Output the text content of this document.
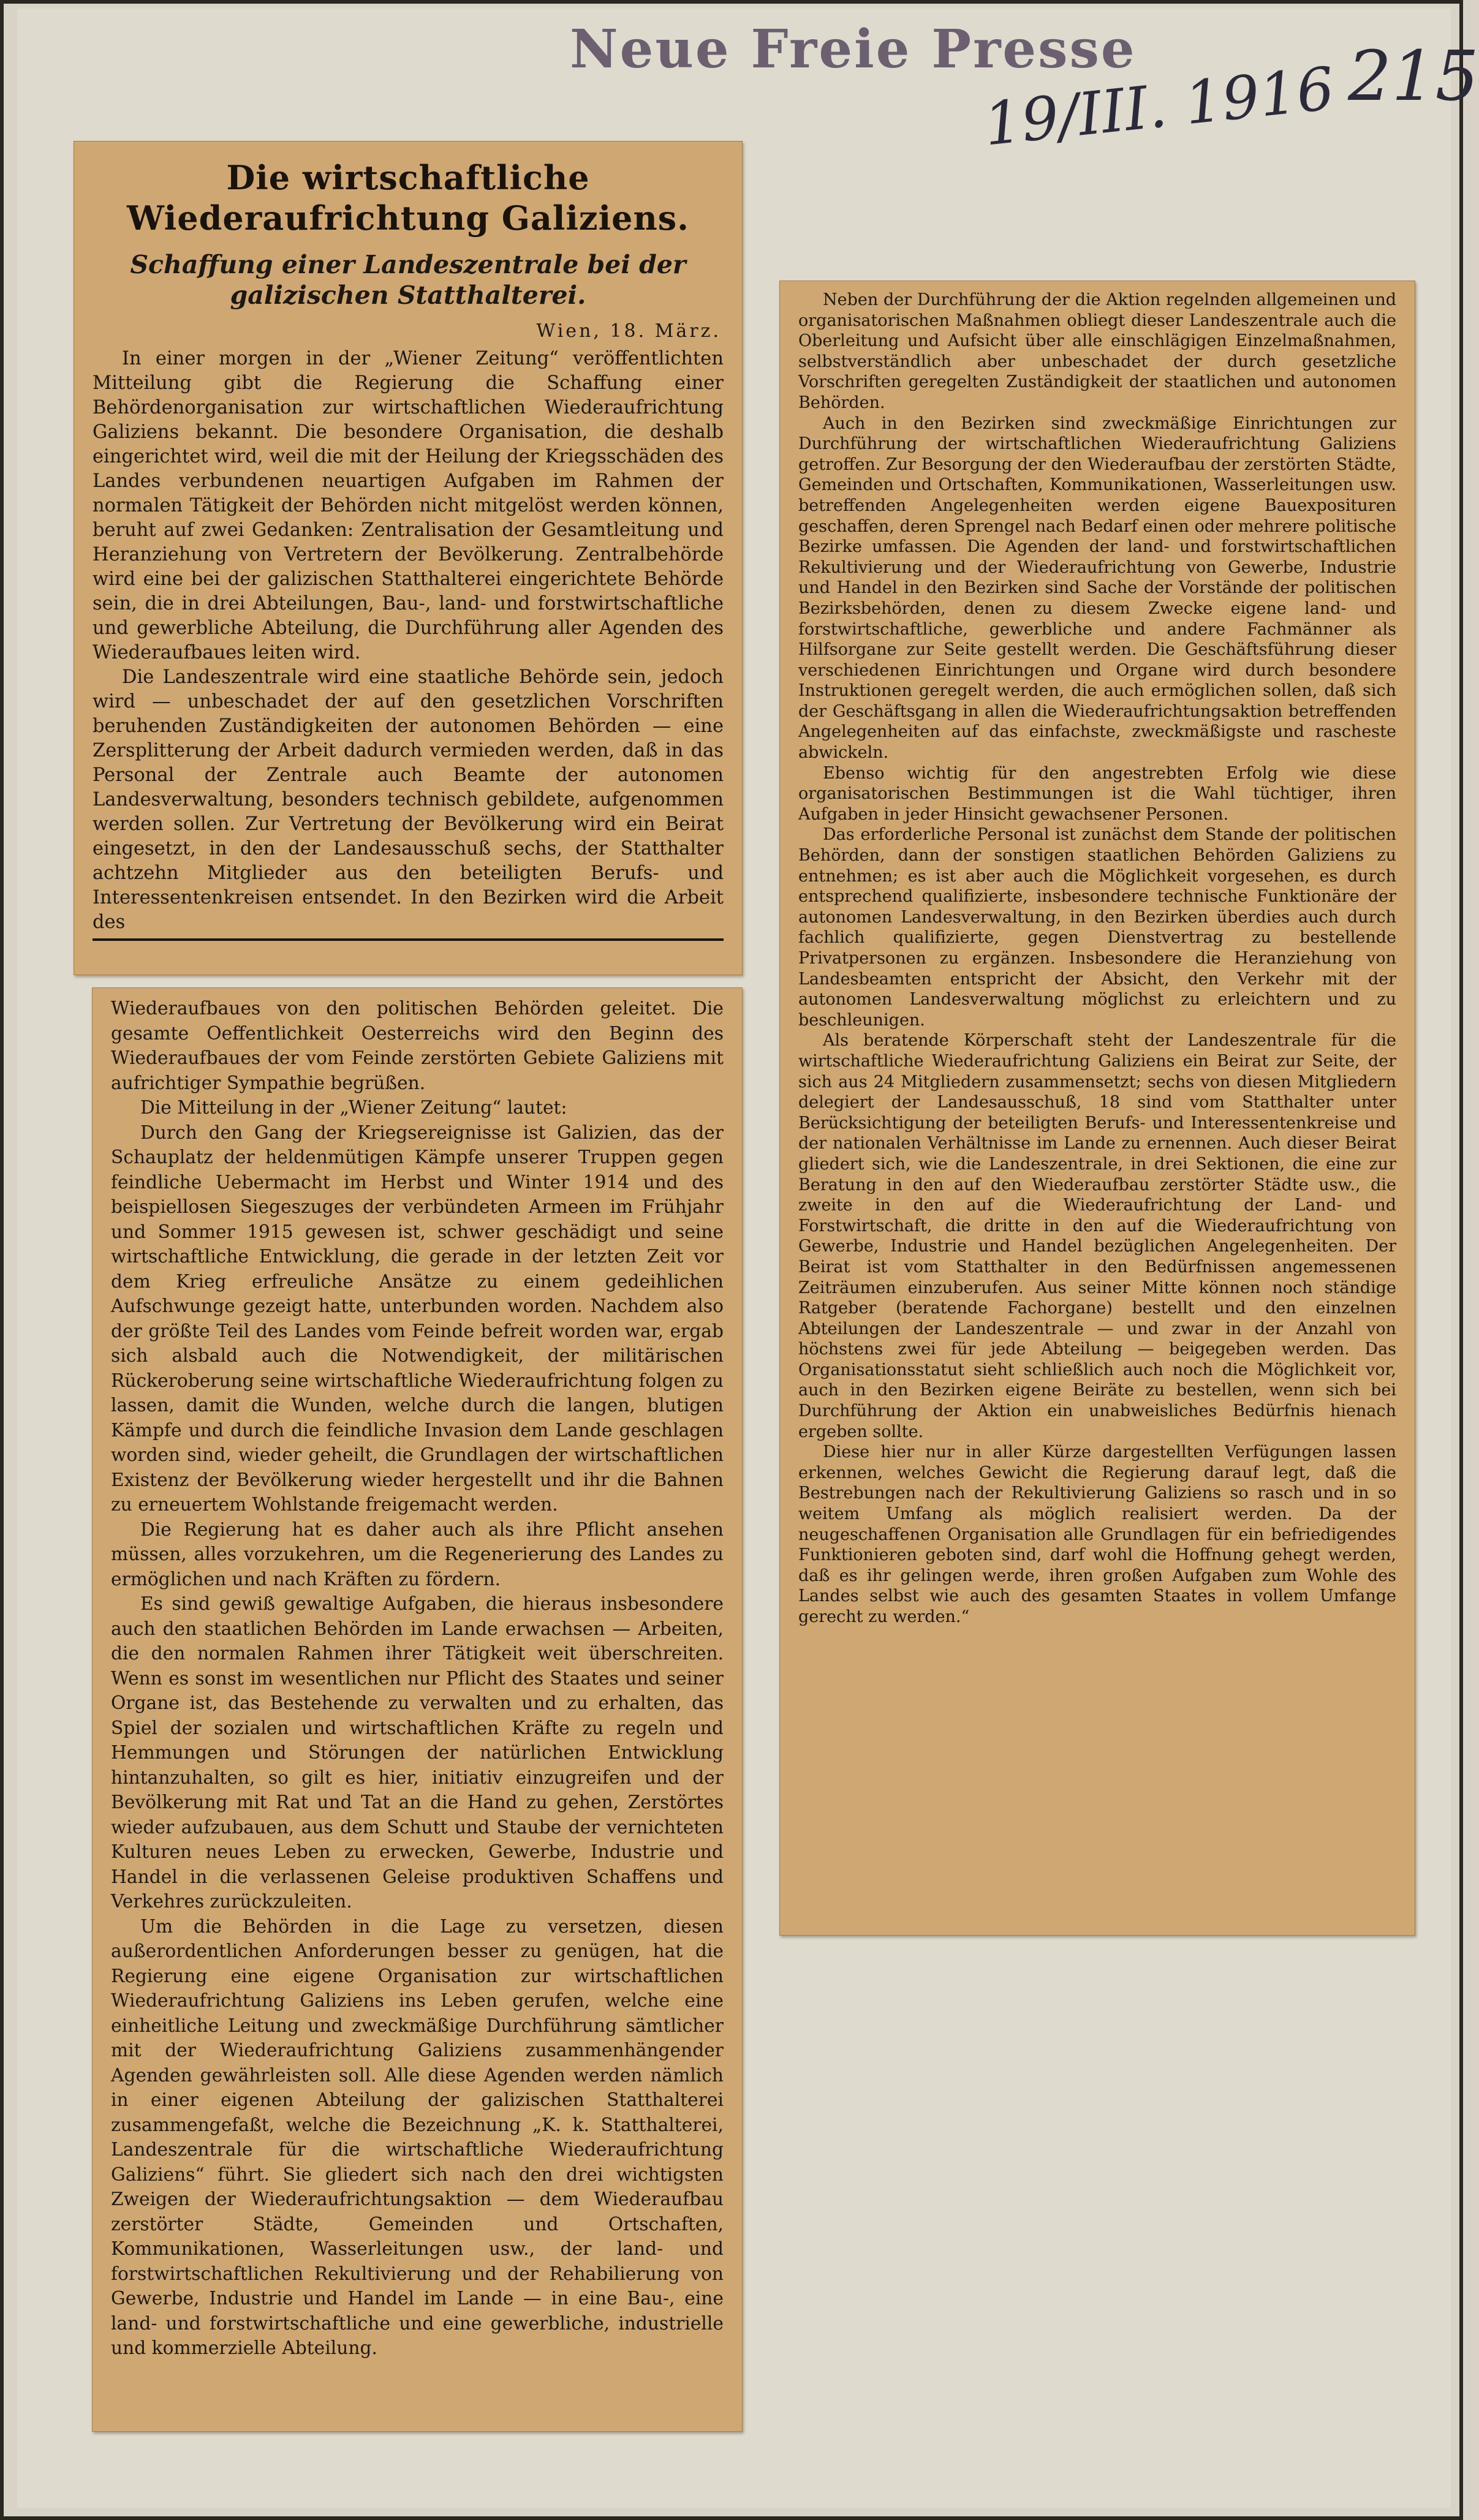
Neue Freie Presse
19/III. 1916 215
Die wirtschaftliche Wiederaufrichtung Galiziens.
Schaffung einer Landeszentrale bei der galizischen Statthalterei.
Wien, 18. März.

In einer morgen in der „Wiener Zeitung“ veröffentlichten Mitteilung gibt die Regierung die Schaffung einer Behördenorganisation zur wirtschaftlichen Wiederaufrichtung Galiziens bekannt. Die besondere Organisation, die deshalb eingerichtet wird, weil die mit der Heilung der Kriegsschäden des Landes verbundenen neuartigen Aufgaben im Rahmen der normalen Tätigkeit der Behörden nicht mitgelöst werden können, beruht auf zwei Gedanken: Zentralisation der Gesamtleitung und Heranziehung von Vertretern der Bevölkerung. Zentralbehörde wird eine bei der galizischen Statthalterei eingerichtete Behörde sein, die in drei Abteilungen, Bau-, land- und forstwirtschaftliche und gewerbliche Abteilung, die Durchführung aller Agenden des Wiederaufbaues leiten wird.

Die Landeszentrale wird eine staatliche Behörde sein, jedoch wird — unbeschadet der auf den gesetzlichen Vorschriften beruhenden Zuständigkeiten der autonomen Behörden — eine Zersplitterung der Arbeit dadurch vermieden werden, daß in das Personal der Zentrale auch Beamte der autonomen Landesverwaltung, besonders technisch gebildete, aufgenommen werden sollen. Zur Vertretung der Bevölkerung wird ein Beirat eingesetzt, in den der Landesausschuß sechs, der Statthalter achtzehn Mitglieder aus den beteiligten Berufs- und Interessentenkreisen entsendet. In den Bezirken wird die Arbeit des

Wiederaufbaues von den politischen Behörden geleitet. Die gesamte Oeffentlichkeit Oesterreichs wird den Beginn des Wiederaufbaues der vom Feinde zerstörten Gebiete Galiziens mit aufrichtiger Sympathie begrüßen.

Die Mitteilung in der „Wiener Zeitung“ lautet:

Durch den Gang der Kriegsereignisse ist Galizien, das der Schauplatz der heldenmütigen Kämpfe unserer Truppen gegen feindliche Uebermacht im Herbst und Winter 1914 und des beispiellosen Siegeszuges der verbündeten Armeen im Frühjahr und Sommer 1915 gewesen ist, schwer geschädigt und seine wirtschaftliche Entwicklung, die gerade in der letzten Zeit vor dem Krieg erfreuliche Ansätze zu einem gedeihlichen Aufschwunge gezeigt hatte, unterbunden worden. Nachdem also der größte Teil des Landes vom Feinde befreit worden war, ergab sich alsbald auch die Notwendigkeit, der militärischen Rückeroberung seine wirtschaftliche Wiederaufrichtung folgen zu lassen, damit die Wunden, welche durch die langen, blutigen Kämpfe und durch die feindliche Invasion dem Lande geschlagen worden sind, wieder geheilt, die Grundlagen der wirtschaftlichen Existenz der Bevölkerung wieder hergestellt und ihr die Bahnen zu erneuertem Wohlstande freigemacht werden.

Die Regierung hat es daher auch als ihre Pflicht ansehen müssen, alles vorzukehren, um die Regenerierung des Landes zu ermöglichen und nach Kräften zu fördern.

Es sind gewiß gewaltige Aufgaben, die hieraus insbesondere auch den staatlichen Behörden im Lande erwachsen — Arbeiten, die den normalen Rahmen ihrer Tätigkeit weit überschreiten. Wenn es sonst im wesentlichen nur Pflicht des Staates und seiner Organe ist, das Bestehende zu verwalten und zu erhalten, das Spiel der sozialen und wirtschaftlichen Kräfte zu regeln und Hemmungen und Störungen der natürlichen Entwicklung hintanzuhalten, so gilt es hier, initiativ einzugreifen und der Bevölkerung mit Rat und Tat an die Hand zu gehen, Zerstörtes wieder aufzubauen, aus dem Schutt und Staube der vernichteten Kulturen neues Leben zu erwecken, Gewerbe, Industrie und Handel in die verlassenen Geleise produktiven Schaffens und Verkehres zurückzuleiten.

Um die Behörden in die Lage zu versetzen, diesen außerordentlichen Anforderungen besser zu genügen, hat die Regierung eine eigene Organisation zur wirtschaftlichen Wiederaufrichtung Galiziens ins Leben gerufen, welche eine einheitliche Leitung und zweckmäßige Durchführung sämtlicher mit der Wiederaufrichtung Galiziens zusammenhängender Agenden gewährleisten soll. Alle diese Agenden werden nämlich in einer eigenen Abteilung der galizischen Statthalterei zusammengefaßt, welche die Bezeichnung „K. k. Statthalterei, Landeszentrale für die wirtschaftliche Wiederaufrichtung Galiziens“ führt. Sie gliedert sich nach den drei wichtigsten Zweigen der Wiederaufrichtungsaktion — dem Wiederaufbau zerstörter Städte, Gemeinden und Ortschaften, Kommunikationen, Wasserleitungen usw., der land- und forstwirtschaftlichen Rekultivierung und der Rehabilierung von Gewerbe, Industrie und Handel im Lande — in eine Bau-, eine land- und forstwirtschaftliche und eine gewerbliche, industrielle und kommerzielle Abteilung.

Neben der Durchführung der die Aktion regelnden allgemeinen und organisatorischen Maßnahmen obliegt dieser Landeszentrale auch die Oberleitung und Aufsicht über alle einschlägigen Einzelmaßnahmen, selbstverständlich aber unbeschadet der durch gesetzliche Vorschriften geregelten Zuständigkeit der staatlichen und autonomen Behörden.

Auch in den Bezirken sind zweckmäßige Einrichtungen zur Durchführung der wirtschaftlichen Wiederaufrichtung Galiziens getroffen. Zur Besorgung der den Wiederaufbau der zerstörten Städte, Gemeinden und Ortschaften, Kommunikationen, Wasserleitungen usw. betreffenden Angelegenheiten werden eigene Bauexposituren geschaffen, deren Sprengel nach Bedarf einen oder mehrere politische Bezirke umfassen. Die Agenden der land- und forstwirtschaftlichen Rekultivierung und der Wiederaufrichtung von Gewerbe, Industrie und Handel in den Bezirken sind Sache der Vorstände der politischen Bezirksbehörden, denen zu diesem Zwecke eigene land- und forstwirtschaftliche, gewerbliche und andere Fachmänner als Hilfsorgane zur Seite gestellt werden. Die Geschäftsführung dieser verschiedenen Einrichtungen und Organe wird durch besondere Instruktionen geregelt werden, die auch ermöglichen sollen, daß sich der Geschäftsgang in allen die Wiederaufrichtungsaktion betreffenden Angelegenheiten auf das einfachste, zweckmäßigste und rascheste abwickeln.

Ebenso wichtig für den angestrebten Erfolg wie diese organisatorischen Bestimmungen ist die Wahl tüchtiger, ihren Aufgaben in jeder Hinsicht gewachsener Personen.

Das erforderliche Personal ist zunächst dem Stande der politischen Behörden, dann der sonstigen staatlichen Behörden Galiziens zu entnehmen; es ist aber auch die Möglichkeit vorgesehen, es durch entsprechend qualifizierte, insbesondere technische Funktionäre der autonomen Landesverwaltung, in den Bezirken überdies auch durch fachlich qualifizierte, gegen Dienstvertrag zu bestellende Privatpersonen zu ergänzen. Insbesondere die Heranziehung von Landesbeamten entspricht der Absicht, den Verkehr mit der autonomen Landesverwaltung möglichst zu erleichtern und zu beschleunigen.

Als beratende Körperschaft steht der Landeszentrale für die wirtschaftliche Wiederaufrichtung Galiziens ein Beirat zur Seite, der sich aus 24 Mitgliedern zusammensetzt; sechs von diesen Mitgliedern delegiert der Landesausschuß, 18 sind vom Statthalter unter Berücksichtigung der beteiligten Berufs- und Interessentenkreise und der nationalen Verhältnisse im Lande zu ernennen. Auch dieser Beirat gliedert sich, wie die Landeszentrale, in drei Sektionen, die eine zur Beratung in den auf den Wiederaufbau zerstörter Städte usw., die zweite in den auf die Wiederaufrichtung der Land- und Forstwirtschaft, die dritte in den auf die Wiederaufrichtung von Gewerbe, Industrie und Handel bezüglichen Angelegenheiten. Der Beirat ist vom Statthalter in den Bedürfnissen angemessenen Zeiträumen einzuberufen. Aus seiner Mitte können noch ständige Ratgeber (beratende Fachorgane) bestellt und den einzelnen Abteilungen der Landeszentrale — und zwar in der Anzahl von höchstens zwei für jede Abteilung — beigegeben werden. Das Organisationsstatut sieht schließlich auch noch die Möglichkeit vor, auch in den Bezirken eigene Beiräte zu bestellen, wenn sich bei Durchführung der Aktion ein unabweisliches Bedürfnis hienach ergeben sollte.

Diese hier nur in aller Kürze dargestellten Verfügungen lassen erkennen, welches Gewicht die Regierung darauf legt, daß die Bestrebungen nach der Rekultivierung Galiziens so rasch und in so weitem Umfang als möglich realisiert werden. Da der neugeschaffenen Organisation alle Grundlagen für ein befriedigendes Funktionieren geboten sind, darf wohl die Hoffnung gehegt werden, daß es ihr gelingen werde, ihren großen Aufgaben zum Wohle des Landes selbst wie auch des gesamten Staates in vollem Umfange gerecht zu werden.“
